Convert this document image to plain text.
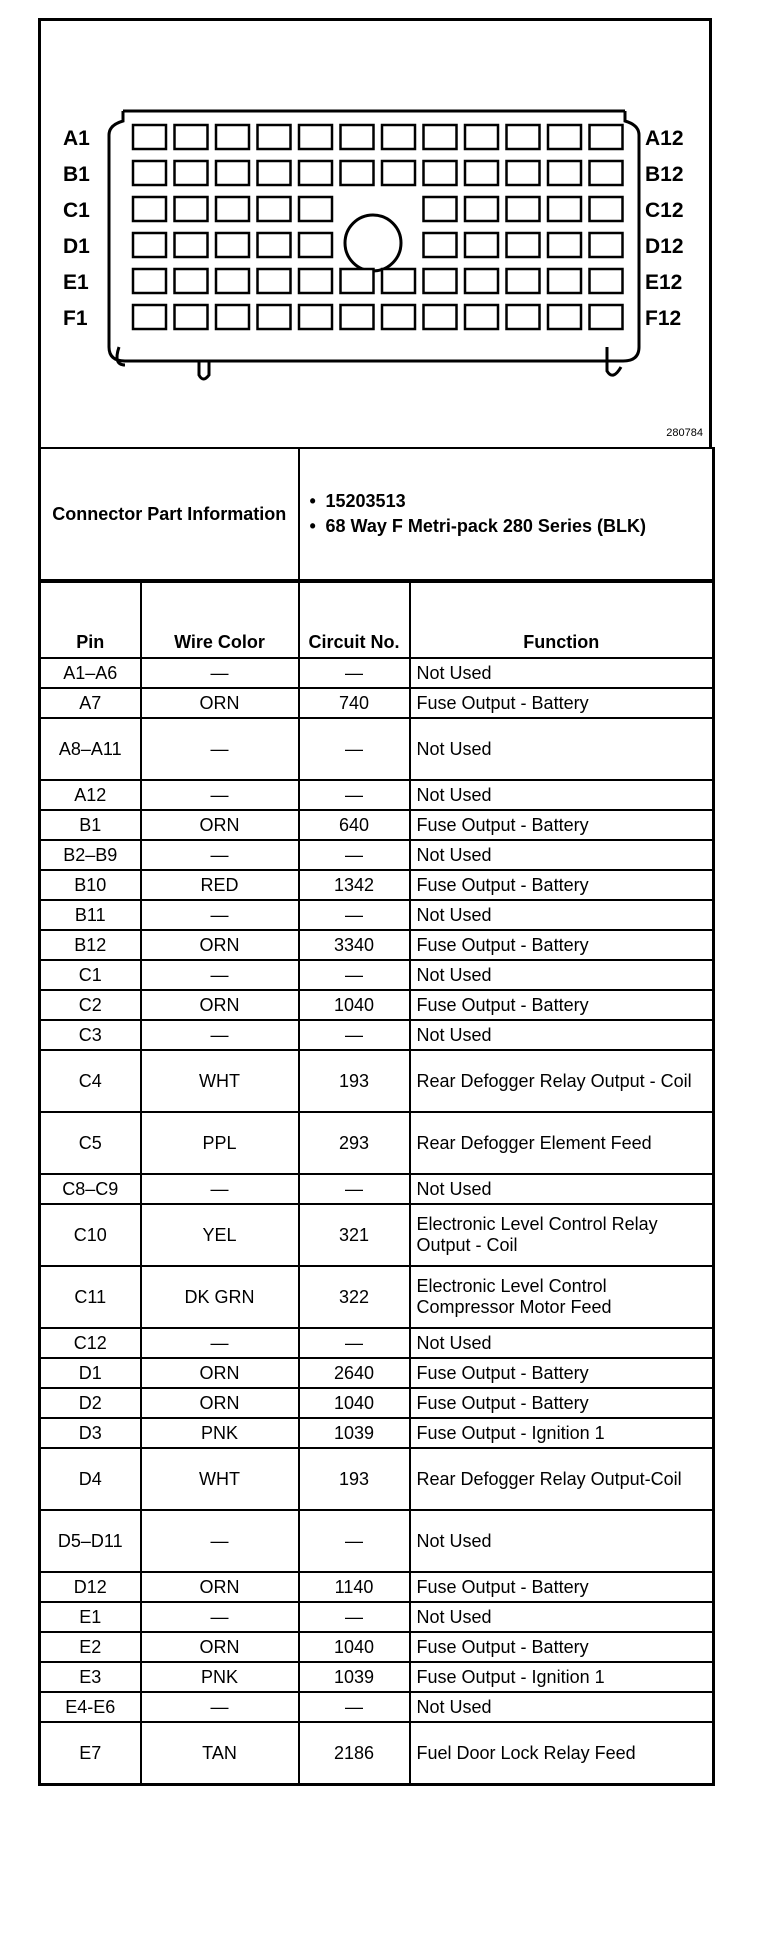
A1
B1
C1
D1
E1
F1
A12
B12
C12
D12
E12
F12
280784
Connector Part Information	
• 15203513
• 68 Way F Metri-pack 280 Series (BLK)
Pin	Wire Color	Circuit No.	Function
A1–A6	—	—	Not Used
A7	ORN	740	Fuse Output - Battery
A8–A11	—	—	Not Used
A12	—	—	Not Used
B1	ORN	640	Fuse Output - Battery
B2–B9	—	—	Not Used
B10	RED	1342	Fuse Output - Battery
B11	—	—	Not Used
B12	ORN	3340	Fuse Output - Battery
C1	—	—	Not Used
C2	ORN	1040	Fuse Output - Battery
C3	—	—	Not Used
C4	WHT	193	Rear Defogger Relay Output - Coil
C5	PPL	293	Rear Defogger Element Feed
C8–C9	—	—	Not Used
C10	YEL	321	Electronic Level Control Relay Output - Coil
C11	DK GRN	322	Electronic Level Control Compressor Motor Feed
C12	—	—	Not Used
D1	ORN	2640	Fuse Output - Battery
D2	ORN	1040	Fuse Output - Battery
D3	PNK	1039	Fuse Output - Ignition 1
D4	WHT	193	Rear Defogger Relay Output-Coil
D5–D11	—	—	Not Used
D12	ORN	1140	Fuse Output - Battery
E1	—	—	Not Used
E2	ORN	1040	Fuse Output - Battery
E3	PNK	1039	Fuse Output - Ignition 1
E4-E6	—	—	Not Used
E7	TAN	2186	Fuel Door Lock Relay Feed
